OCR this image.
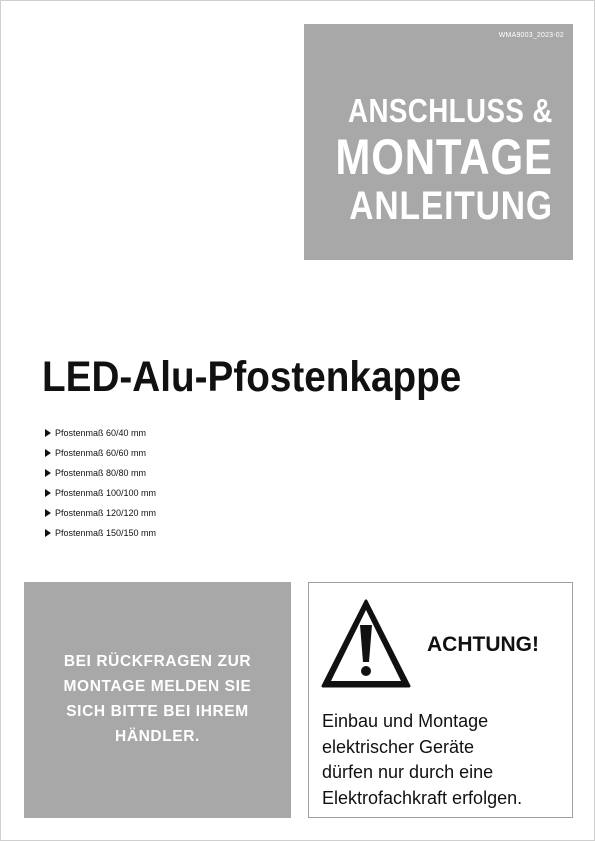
WMA9003_2023-02
ANSCHLUSS &
MONTAGE
ANLEITUNG
LED-Alu-Pfostenkappe
Pfostenmaß 60/40 mm
Pfostenmaß 60/60 mm
Pfostenmaß 80/80 mm
Pfostenmaß 100/100 mm
Pfostenmaß 120/120 mm
Pfostenmaß 150/150 mm
BEI RÜCKFRAGEN ZUR
MONTAGE MELDEN SIE
SICH BITTE BEI IHREM
HÄNDLER.
ACHTUNG!
Einbau und Montage
elektrischer Geräte
dürfen nur durch eine
Elektrofachkraft erfolgen.
